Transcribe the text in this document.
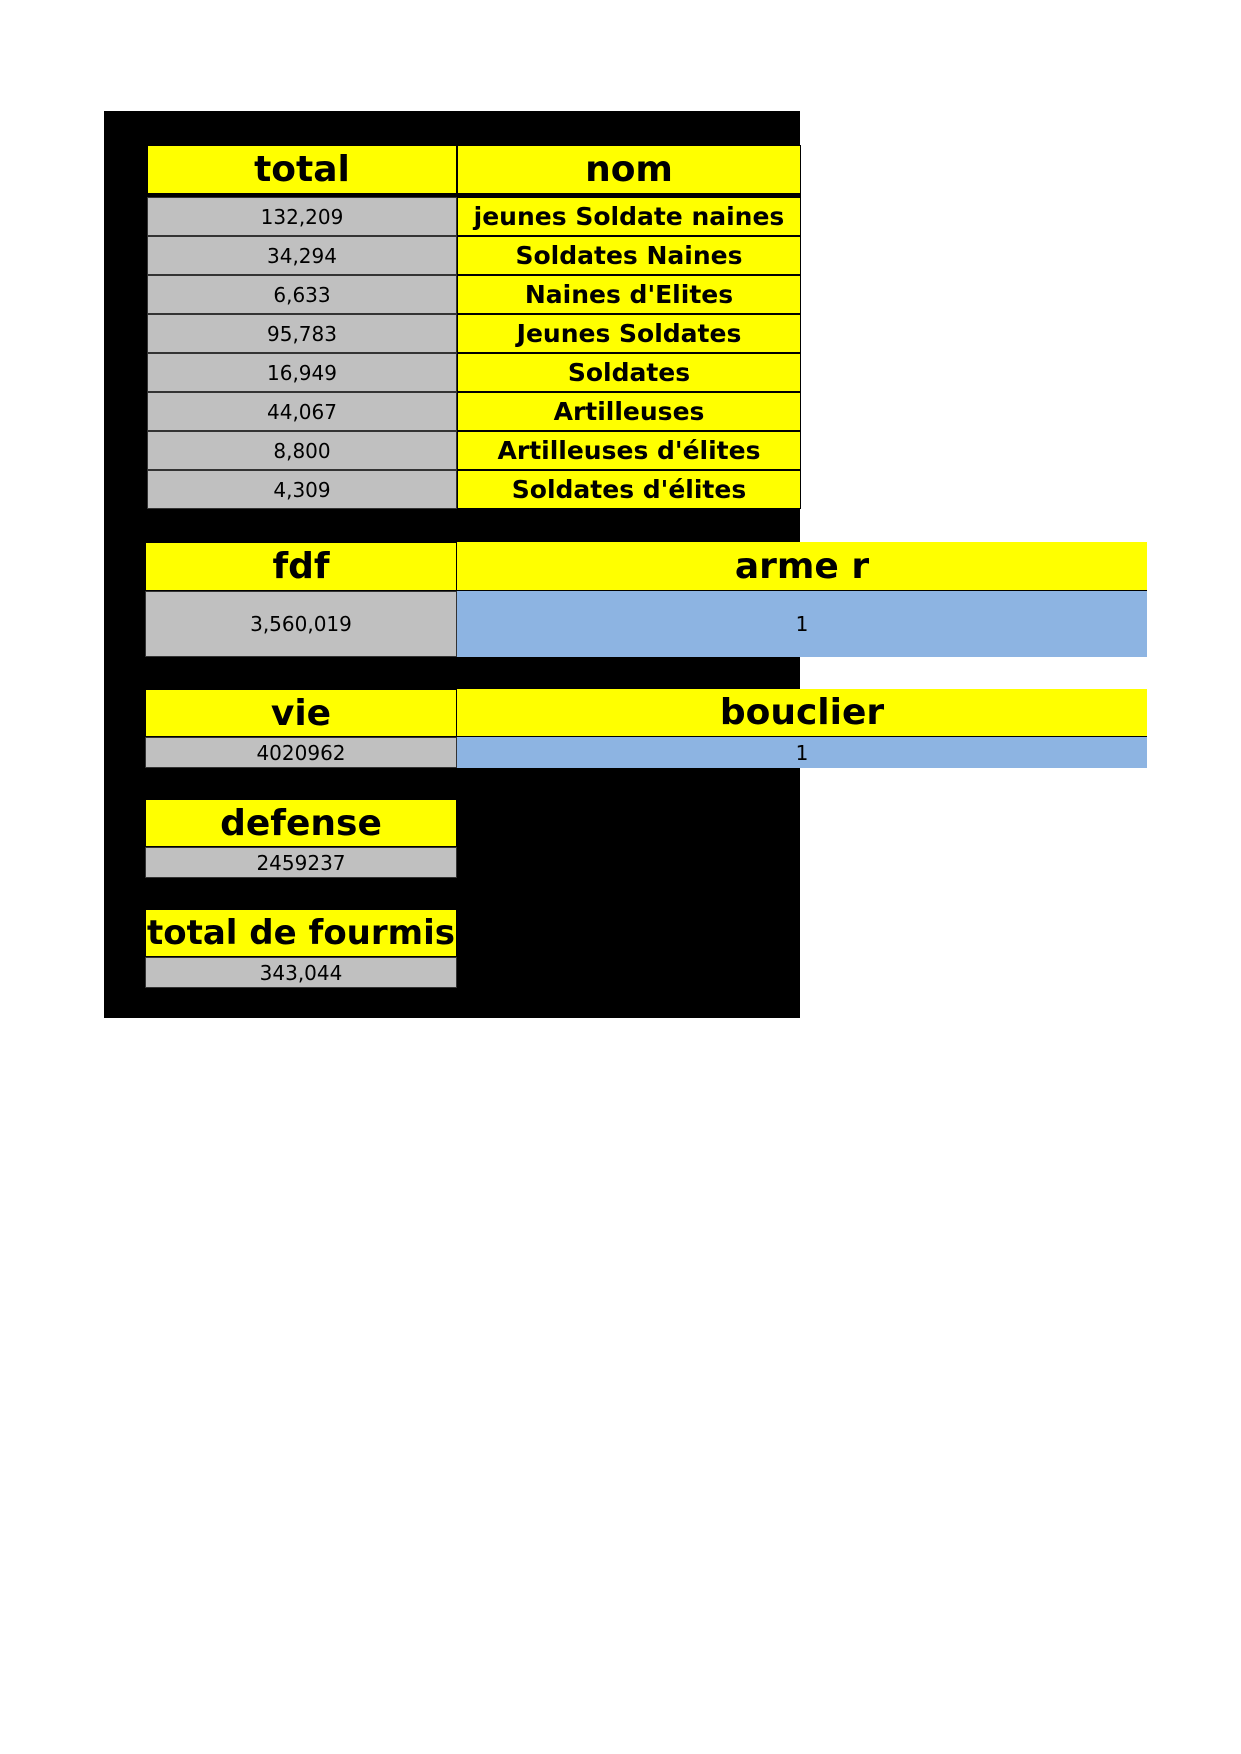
total	nom
132,209	jeunes Soldate naines
34,294	Soldates Naines
6,633	Naines d'Elites
95,783	Jeunes Soldates
16,949	Soldates
44,067	Artilleuses
8,800	Artilleuses d'élites
4,309	Soldates d'élites
fdf	arme r
3,560,019	1
vie	bouclier
4020962	1
defense
2459237
total de fourmis
343,044
